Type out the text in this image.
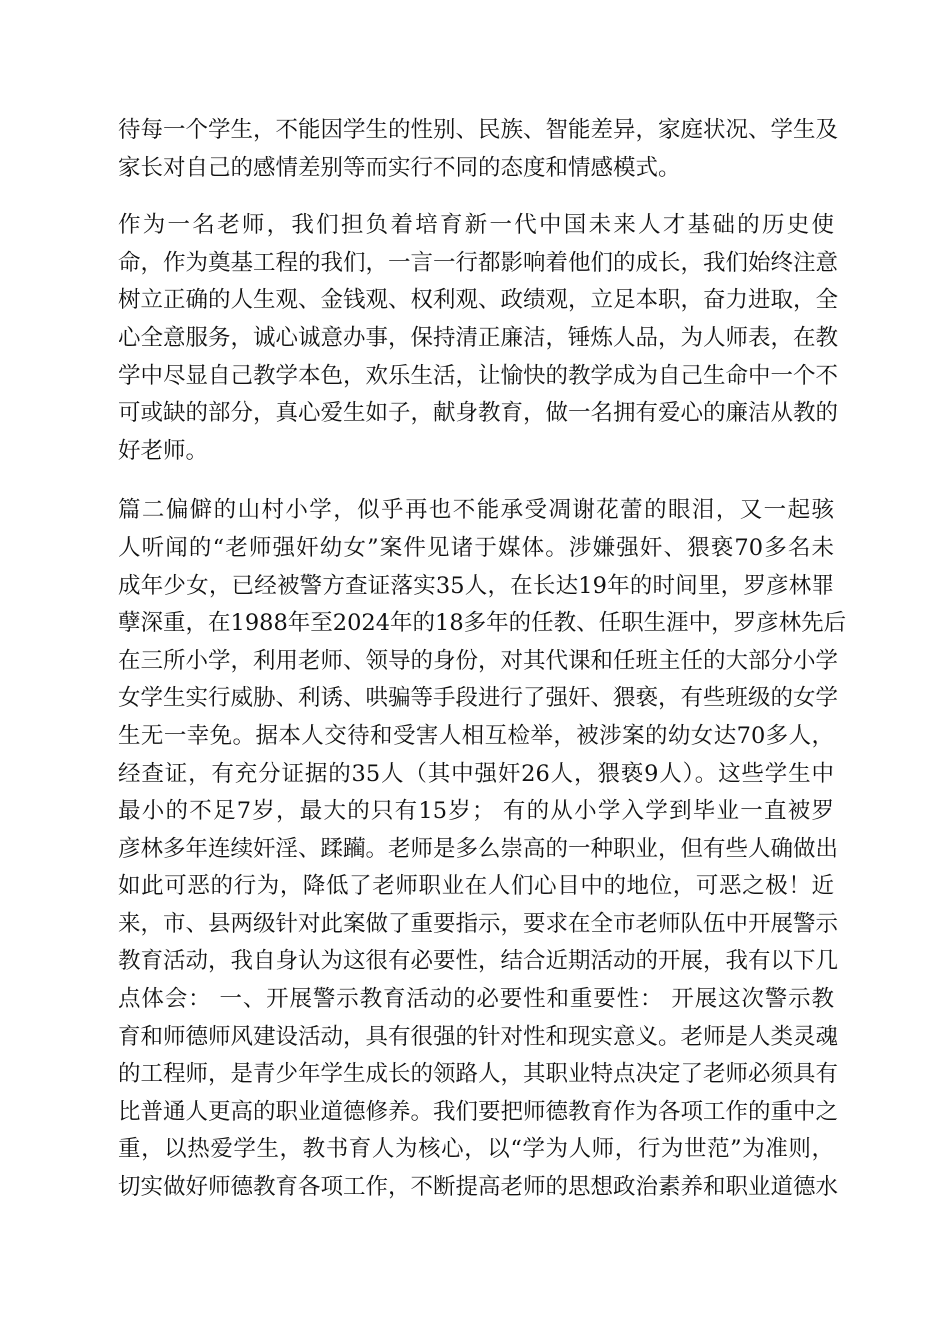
待每一个学生，不能因学生的性别、民族、智能差异，家庭状况、学生及
家长对自己的感情差别等而实行不同的态度和情感模式。
作为一名老师，我们担负着培育新一代中国未来人才基础的历史使
命，作为奠基工程的我们，一言一行都影响着他们的成长，我们始终注意
树立正确的人生观、金钱观、权利观、政绩观，立足本职，奋力进取，全
心全意服务，诚心诚意办事，保持清正廉洁，锤炼人品，为人师表，在教
学中尽显自己教学本色，欢乐生活，让愉快的教学成为自己生命中一个不
可或缺的部分，真心爱生如子，献身教育，做一名拥有爱心的廉洁从教的
好老师。
篇二偏僻的山村小学，似乎再也不能承受凋谢花蕾的眼泪，又一起骇
人听闻的“老师强奸幼女”案件见诸于媒体。涉嫌强奸、猥亵70多名未
成年少女，已经被警方查证落实35人，在长达19年的时间里，罗彦林罪
孽深重，在1988年至2024年的18多年的任教、任职生涯中，罗彦林先后
在三所小学，利用老师、领导的身份，对其代课和任班主任的大部分小学
女学生实行威胁、利诱、哄骗等手段进行了强奸、猥亵，有些班级的女学
生无一幸免。据本人交待和受害人相互检举，被涉案的幼女达70多人，
经查证，有充分证据的35人（其中强奸26人，猥亵9人）。这些学生中
最小的不足7岁，最大的只有15岁； 有的从小学入学到毕业一直被罗
彦林多年连续奸淫、蹂躏。老师是多么崇高的一种职业，但有些人确做出
如此可恶的行为，降低了老师职业在人们心目中的地位，可恶之极！近
来，市、县两级针对此案做了重要指示，要求在全市老师队伍中开展警示
教育活动，我自身认为这很有必要性，结合近期活动的开展，我有以下几
点体会： 一、开展警示教育活动的必要性和重要性： 开展这次警示教
育和师德师风建设活动，具有很强的针对性和现实意义。老师是人类灵魂
的工程师，是青少年学生成长的领路人，其职业特点决定了老师必须具有
比普通人更高的职业道德修养。我们要把师德教育作为各项工作的重中之
重，以热爱学生，教书育人为核心，以“学为人师，行为世范”为准则，
切实做好师德教育各项工作，不断提高老师的思想政治素养和职业道德水
